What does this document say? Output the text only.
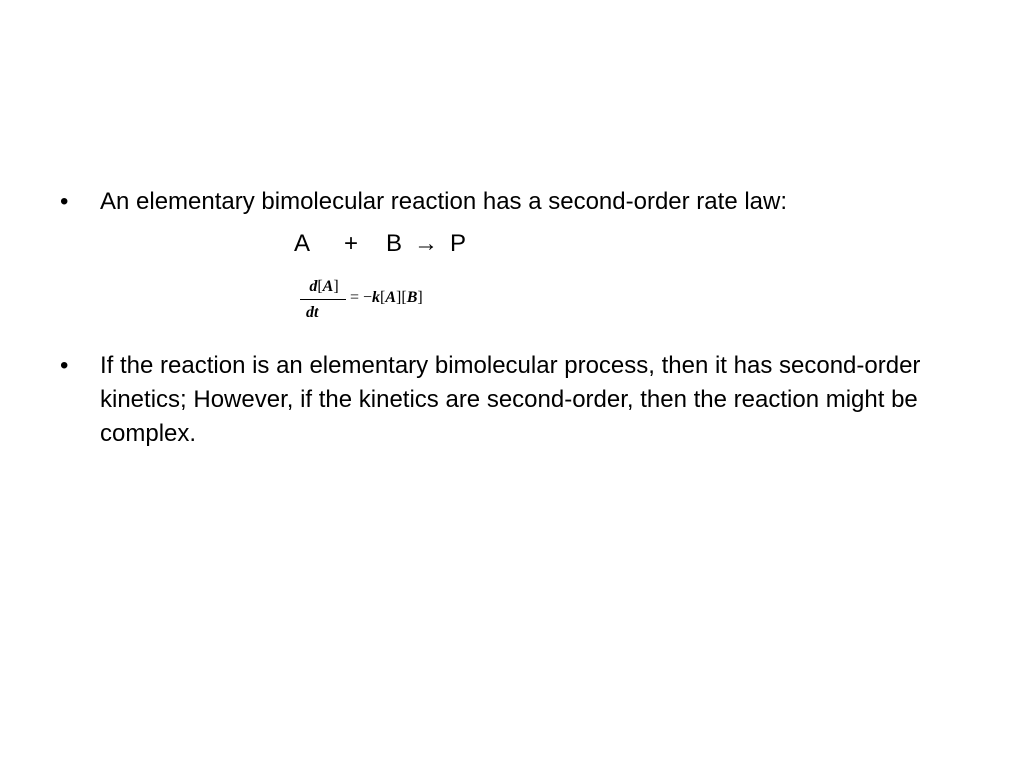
• An elementary bimolecular reaction has a second-order rate law:
A + B → P
d[A]
dt
= −k[A][B]
• If the reaction is an elementary bimolecular process, then it has second-order kinetics; However, if the kinetics are second-order, then the reaction might be complex.
